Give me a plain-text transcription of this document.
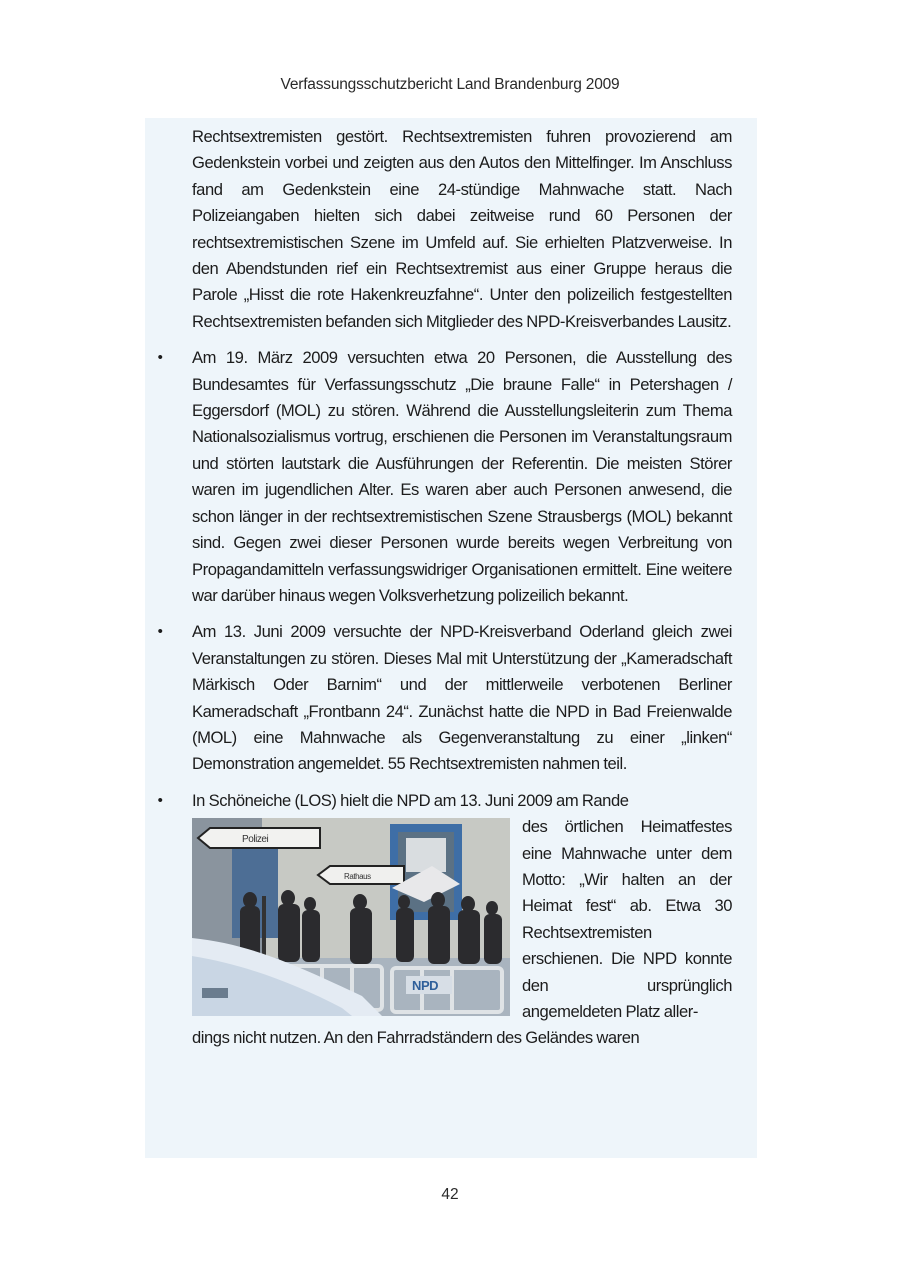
Verfassungsschutzbericht Land Brandenburg 2009

Rechtsextremisten gestört. Rechtsextremisten fuhren provozierend am Gedenkstein vorbei und zeigten aus den Autos den Mittelfinger. Im Anschluss fand am Gedenkstein eine 24-stündige Mahnwache statt. Nach Polizeiangaben hielten sich dabei zeitweise rund 60 Personen der rechtsextremistischen Szene im Umfeld auf. Sie erhielten Platzverweise. In den Abendstunden rief ein Rechtsextremist aus einer Gruppe heraus die Parole „Hisst die rote Hakenkreuzfahne“. Unter den polizeilich festgestellten Rechtsextremisten befanden sich Mitglieder des NPD-Kreisverbandes Lausitz.

• Am 19. März 2009 versuchten etwa 20 Personen, die Ausstellung des Bundesamtes für Verfassungsschutz „Die braune Falle“ in Petershagen / Eggersdorf (MOL) zu stören. Während die Ausstellungsleiterin zum Thema Nationalsozialismus vortrug, erschienen die Personen im Veranstaltungsraum und störten lautstark die Ausführungen der Referentin. Die meisten Störer waren im jugendlichen Alter. Es waren aber auch Personen anwesend, die schon länger in der rechtsextremistischen Szene Strausbergs (MOL) bekannt sind. Gegen zwei dieser Personen wurde bereits wegen Verbreitung von Propagandamitteln verfassungswidriger Organisationen ermittelt. Eine weitere war darüber hinaus wegen Volksverhetzung polizeilich bekannt.

• Am 13. Juni 2009 versuchte der NPD-Kreisverband Oderland gleich zwei Veranstaltungen zu stören. Dieses Mal mit Unterstützung der „Kameradschaft Märkisch Oder Barnim“ und der mittlerweile verbotenen Berliner Kameradschaft „Frontbann 24“. Zunächst hatte die NPD in Bad Freienwalde (MOL) eine Mahnwache als Gegenveranstaltung zu einer „linken“ Demonstration angemeldet. 55 Rechtsextremisten nahmen teil.

• In Schöneiche (LOS) hielt die NPD am 13. Juni 2009 am Rande

Polizei
Rathaus
NPD

des örtlichen Heimatfestes eine Mahnwache unter dem Motto: „Wir halten an der Heimat fest“ ab. Etwa 30 Rechtsextremisten erschienen. Die NPD konnte den ursprünglich angemeldeten Platz aller-

dings nicht nutzen. An den Fahrradständern des Geländes waren

42
